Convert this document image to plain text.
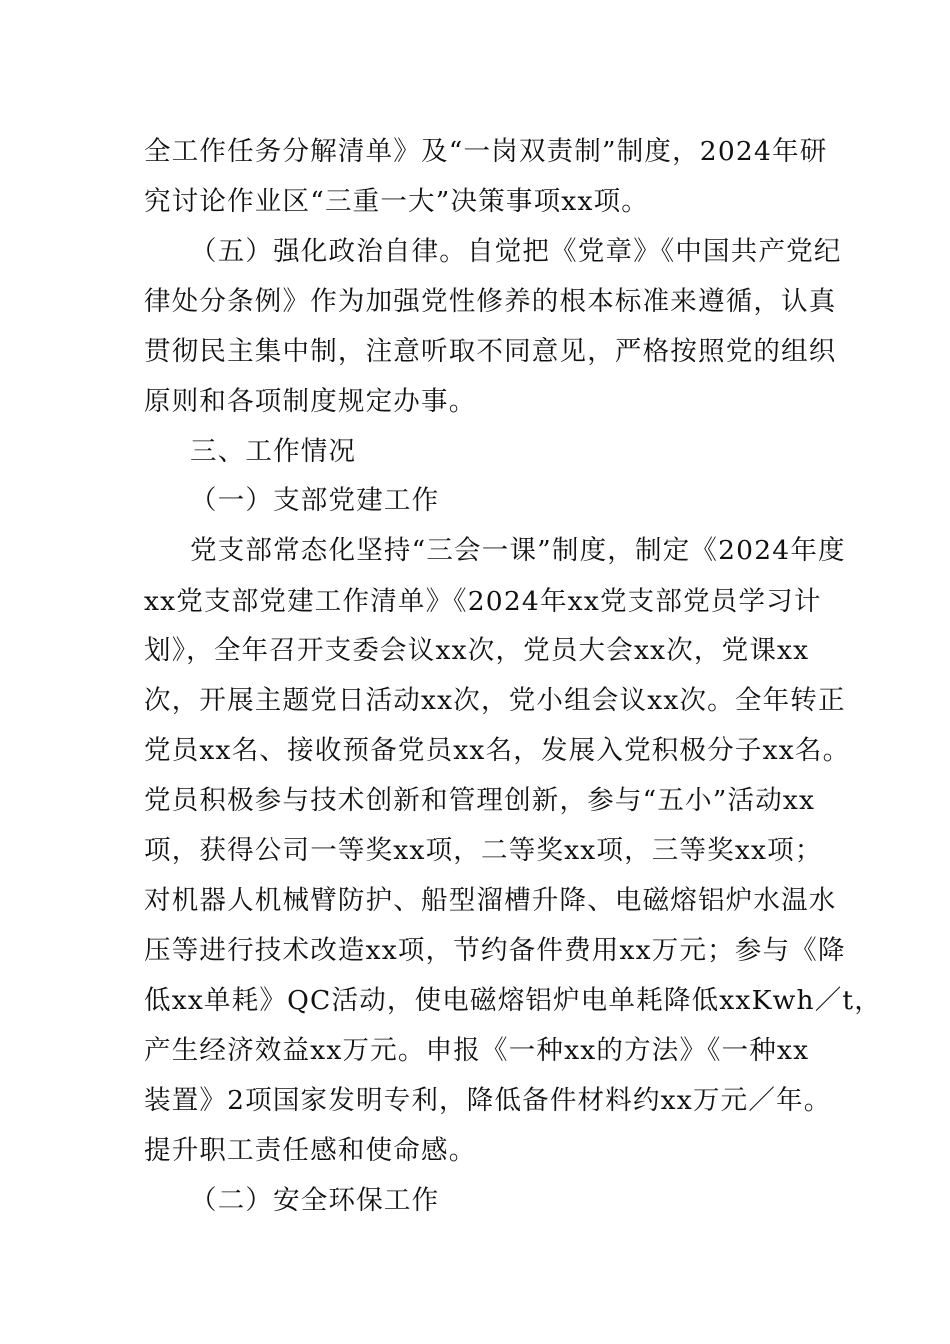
全工作任务分解清单》及“一岗双责制”制度，2024年研
究讨论作业区“三重一大”决策事项xx项。
（五）强化政治自律。自觉把《党章》《中国共产党纪
律处分条例》作为加强党性修养的根本标准来遵循，认真
贯彻民主集中制，注意听取不同意见，严格按照党的组织
原则和各项制度规定办事。
三、工作情况
（一）支部党建工作
党支部常态化坚持“三会一课”制度，制定《2024年度
xx党支部党建工作清单》《2024年xx党支部党员学习计
划》，全年召开支委会议xx次，党员大会xx次，党课xx
次，开展主题党日活动xx次，党小组会议xx次。全年转正
党员xx名、接收预备党员xx名，发展入党积极分子xx名。
党员积极参与技术创新和管理创新，参与“五小”活动xx
项，获得公司一等奖xx项，二等奖xx项，三等奖xx项；
对机器人机械臂防护、船型溜槽升降、电磁熔铝炉水温水
压等进行技术改造xx项，节约备件费用xx万元；参与《降
低xx单耗》QC活动，使电磁熔铝炉电单耗降低xxKwh／t，
产生经济效益xx万元。申报《一种xx的方法》《一种xx
装置》2项国家发明专利，降低备件材料约xx万元／年。
提升职工责任感和使命感。
（二）安全环保工作
